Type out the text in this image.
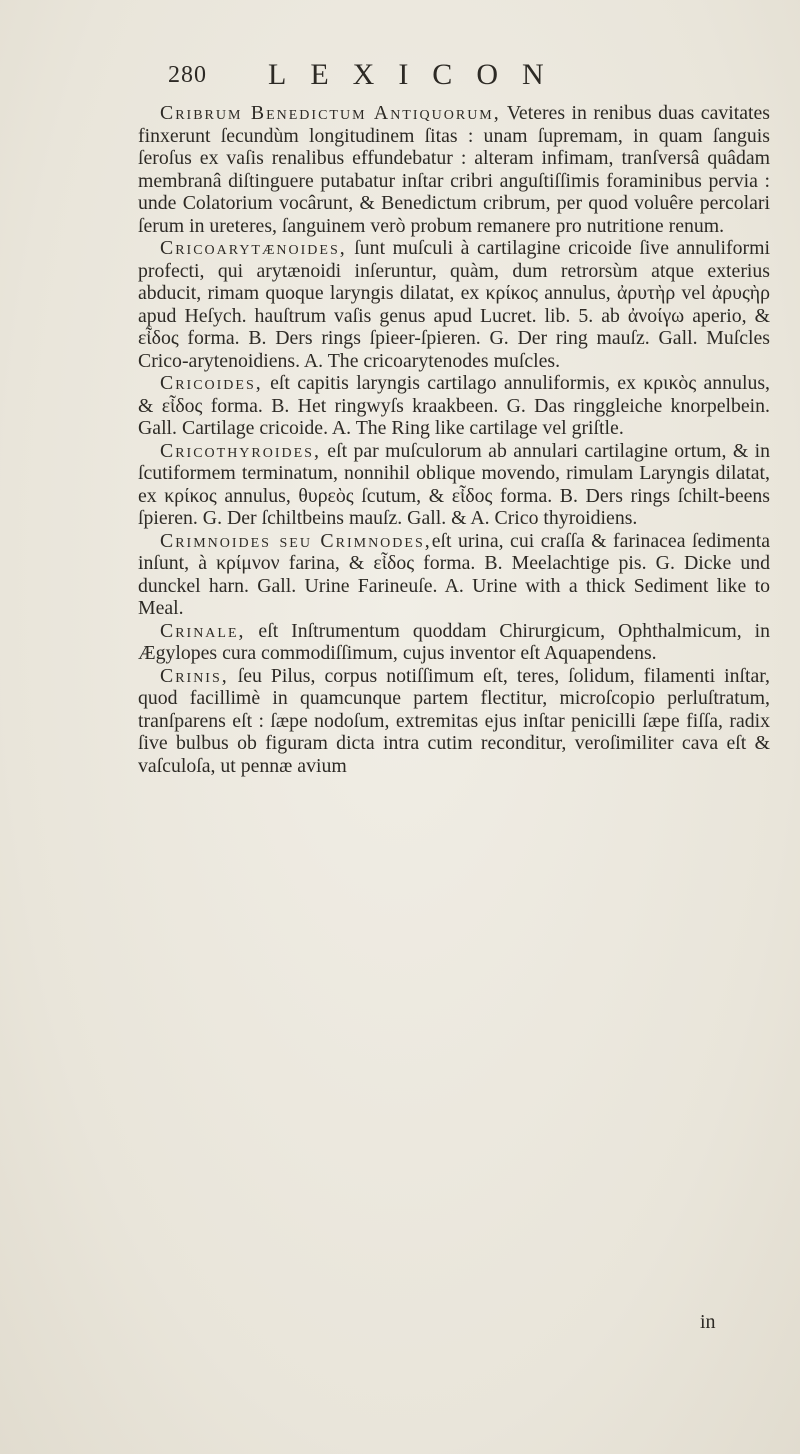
280 LEXICON

Cribrum Benedictum Antiquorum, Veteres in renibus duas cavitates finxerunt ſecundùm longitudinem ſitas : unam ſupremam, in quam ſanguis ſeroſus ex vaſis renalibus effundebatur : alteram infimam, tranſversâ quâdam membranâ diſtinguere putabatur inſtar cribri anguſtiſſimis foraminibus pervia : unde Colatorium vocârunt, & Benedictum cribrum, per quod voluêre percolari ſerum in ureteres, ſanguinem verò probum remanere pro nutritione renum.

Cricoarytænoides, ſunt muſculi à cartilagine cricoide ſive annuliformi profecti, qui arytænoidi inſeruntur, quàm, dum retrorsùm atque exterius abducit, rimam quoque laryngis dilatat, ex κρίκος annulus, ἀρυτὴρ vel ἀρυςὴρ apud Heſych. hauſtrum vaſis genus apud Lucret. lib. 5. ab ἀνοίγω aperio, & εἶδος forma. B. Ders rings ſpieer-ſpieren. G. Der ring mauſz. Gall. Muſcles Crico-arytenoidiens. A. The cricoarytenodes muſcles.

Cricoides, eſt capitis laryngis cartilago annuliformis, ex κρικὸς annulus, & εἶδος forma. B. Het ringwyſs kraakbeen. G. Das ringgleiche knorpelbein. Gall. Cartilage cricoide. A. The Ring like cartilage vel griſtle.

Cricothyroides, eſt par muſculorum ab annulari cartilagine ortum, & in ſcutiformem terminatum, nonnihil oblique movendo, rimulam Laryngis dilatat, ex κρίκος annulus, θυρεὸς ſcutum, & εἶδος forma. B. Ders rings ſchilt-beens ſpieren. G. Der ſchiltbeins mauſz. Gall. & A. Crico thyroidiens.

Crimnoides ſeu Crimnodes,eſt urina, cui craſſa & farinacea ſedimenta inſunt, à κρίμνον farina, & εἶδος forma. B. Meelachtige pis. G. Dicke und dunckel harn. Gall. Urine Farineuſe. A. Urine with a thick Sediment like to Meal.

Crinale, eſt Inſtrumentum quoddam Chirurgicum, Ophthalmicum, in Ægylopes cura commodiſſimum, cujus inventor eſt Aquapendens.

Crinis, ſeu Pilus, corpus notiſſimum eſt, teres, ſolidum, filamenti inſtar, quod facillimè in quamcunque partem flectitur, microſcopio perluſtratum, tranſparens eſt : ſæpe nodoſum, extremitas ejus inſtar penicilli ſæpe fiſſa, radix ſive bulbus ob figuram dicta intra cutim reconditur, veroſimiliter cava eſt & vaſculoſa, ut pennæ avium

in
